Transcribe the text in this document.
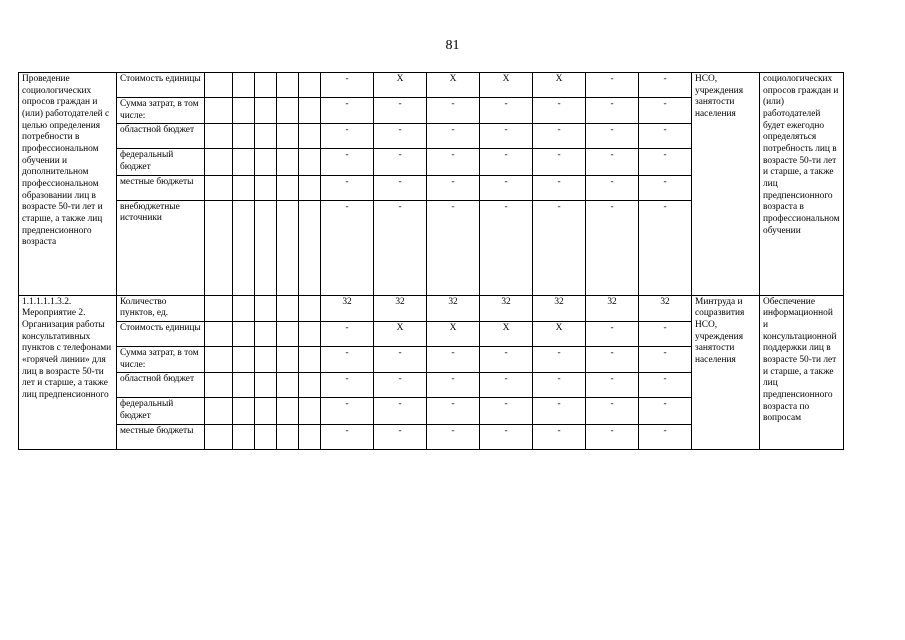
81
Проведение социологических опросов граждан и (или) работодателей с целью определения потребности в профессиональном обучении и дополнительном профессиональном образовании лиц в возрасте 50-ти лет и старше, а также лиц предпенсионного возраста	Стоимость единицы						-	X	X	X	X	-	-	НСО, учреждения занятости населения	социологических опросов граждан и (или) работодателей будет ежегодно определяться потребность лиц в возрасте 50-ти лет и старше, а также лиц предпенсионного возраста в профессиональном обучении
	Сумма затрат, в том числе:						-	-	-	-	-	-	-		
	областной бюджет						-	-	-	-	-	-	-		
	федеральный бюджет						-	-	-	-	-	-	-		
	местные бюджеты						-	-	-	-	-	-	-		
	внебюджетные источники						-	-	-	-	-	-	-		
1.1.1.1.1.3.2. Мероприятие 2. Организация работы консультативных пунктов с телефонами «горячей линии» для лиц в возрасте 50-ти лет и старше, а также лиц предпенсионного	Количество пунктов, ед.						32	32	32	32	32	32	32	Минтруда и соцразвития НСО, учреждения занятости населения	Обеспечение информационной и консультационной поддержки лиц в возрасте 50-ти лет и старше, а также лиц предпенсионного возраста по вопросам
	Стоимость единицы						-	X	X	X	X	-	-		
	Сумма затрат, в том числе:						-	-	-	-	-	-	-		
	областной бюджет						-	-	-	-	-	-	-		
	федеральный бюджет						-	-	-	-	-	-	-		
	местные бюджеты						-	-	-	-	-	-	-		
